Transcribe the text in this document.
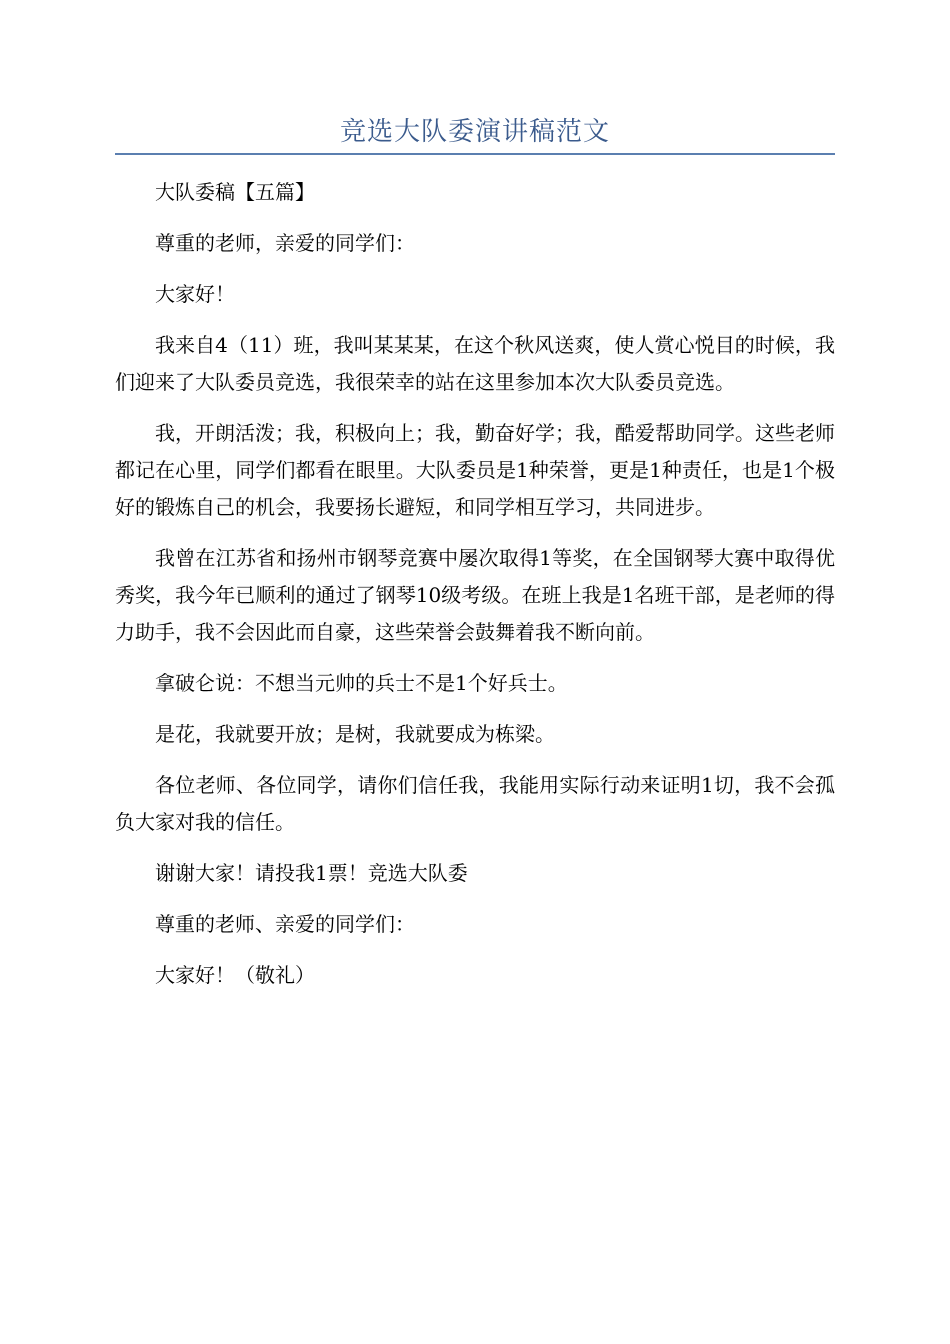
竞选大队委演讲稿范文

大队委稿【五篇】

尊重的老师，亲爱的同学们：

大家好！

我来自4（11）班，我叫某某某，在这个秋风送爽，使人赏心悦目的时候，我们迎来了大队委员竞选，我很荣幸的站在这里参加本次大队委员竞选。

我，开朗活泼；我，积极向上；我，勤奋好学；我，酷爱帮助同学。这些老师都记在心里，同学们都看在眼里。大队委员是1种荣誉，更是1种责任，也是1个极好的锻炼自己的机会，我要扬长避短，和同学相互学习，共同进步。

我曾在江苏省和扬州市钢琴竞赛中屡次取得1等奖，在全国钢琴大赛中取得优秀奖，我今年已顺利的通过了钢琴10级考级。在班上我是1名班干部，是老师的得力助手，我不会因此而自豪，这些荣誉会鼓舞着我不断向前。

拿破仑说：不想当元帅的兵士不是1个好兵士。

是花，我就要开放；是树，我就要成为栋梁。

各位老师、各位同学，请你们信任我，我能用实际行动来证明1切，我不会孤负大家对我的信任。

谢谢大家！请投我1票！竞选大队委

尊重的老师、亲爱的同学们：

大家好！（敬礼）
